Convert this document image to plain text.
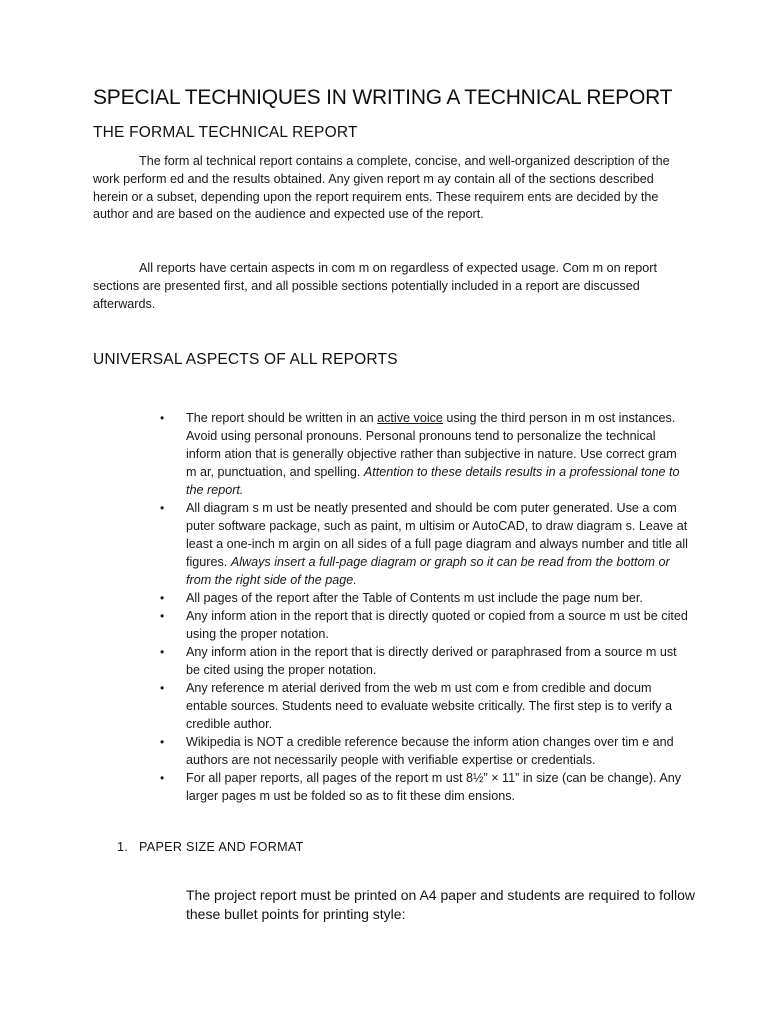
SPECIAL TECHNIQUES IN WRITING A TECHNICAL REPORT
THE FORMAL TECHNICAL REPORT

The form al technical report contains a complete, concise, and well-organized description of the work perform ed and the results obtained. Any given report m ay contain all of the sections described herein or a subset, depending upon the report requirem ents. These requirem ents are decided by the author and are based on the audience and expected use of the report.

All reports have certain aspects in com m on regardless of expected usage. Com m on report sections are presented first, and all possible sections potentially included in a report are discussed afterwards.

UNIVERSAL ASPECTS OF ALL REPORTS
• The report should be written in an active voice using the third person in m ost instances. Avoid using personal pronouns. Personal pronouns tend to personalize the technical inform ation that is generally objective rather than subjective in nature. Use correct gram m ar, punctuation, and spelling. Attention to these details results in a professional tone to the report.
• All diagram s m ust be neatly presented and should be com puter generated. Use a com puter software package, such as paint, m ultisim or AutoCAD, to draw diagram s. Leave at least a one-inch m argin on all sides of a full page diagram and always number and title all figures. Always insert a full-page diagram or graph so it can be read from the bottom or from the right side of the page.
• All pages of the report after the Table of Contents m ust include the page num ber.
• Any inform ation in the report that is directly quoted or copied from a source m ust be cited using the proper notation.
• Any inform ation in the report that is directly derived or paraphrased from a source m ust be cited using the proper notation.
• Any reference m aterial derived from the web m ust com e from credible and docum entable sources. Students need to evaluate website critically. The first step is to verify a credible author.
• Wikipedia is NOT a credible reference because the inform ation changes over tim e and authors are not necessarily people with verifiable expertise or credentials.
• For all paper reports, all pages of the report m ust 8½” × 11” in size (can be change). Any larger pages m ust be folded so as to fit these dim ensions.
1. PAPER SIZE AND FORMAT

The project report must be printed on A4 paper and students are required to follow these bullet points for printing style:
